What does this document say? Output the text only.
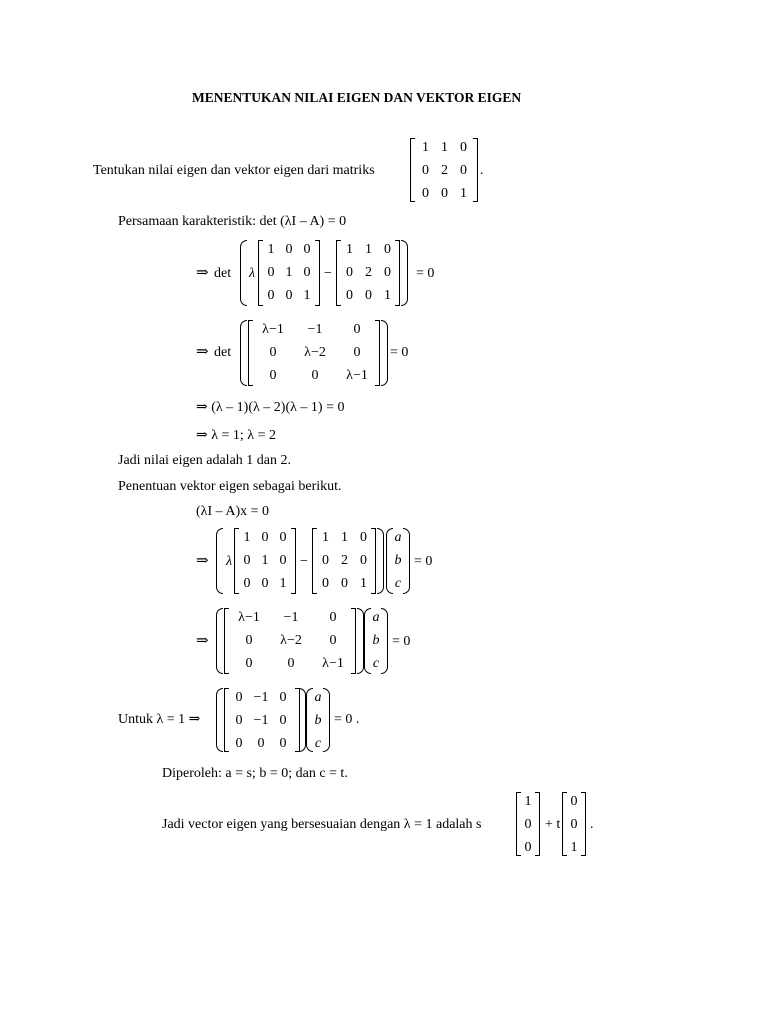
MENENTUKAN NILAI EIGEN DAN VEKTOR EIGEN
Tentukan nilai eigen dan vektor eigen dari matriks
1	1	0
0	2	0
0	0	1
.
Persamaan karakteristik: det (λI – A) = 0
⇒ det λ
1	0	0
0	1	0
0	0	1
−
1	1	0
0	2	0
0	0	1
= 0
⇒ det
λ−1	−1	0
0	λ−2	0
0	0	λ−1
= 0
⇒ (λ – 1)(λ – 2)(λ – 1) = 0
⇒ λ = 1; λ = 2
Jadi nilai eigen adalah 1 dan 2.
Penentuan vektor eigen sebagai berikut.
(λI – A)x = 0
⇒ λ
1	0	0
0	1	0
0	0	1
−
1	1	0
0	2	0
0	0	1
a
b
c
= 0
⇒
λ−1	−1	0
0	λ−2	0
0	0	λ−1
a
b
c
= 0
Untuk λ = 1 ⇒
0	−1	0
0	−1	0
0	0	0
a
b
c
= 0 .
Diperoleh: a = s; b = 0; dan c = t.
Jadi vector eigen yang bersesuaian dengan λ = 1 adalah s
1
0
0
+ t
0
0
1
.
